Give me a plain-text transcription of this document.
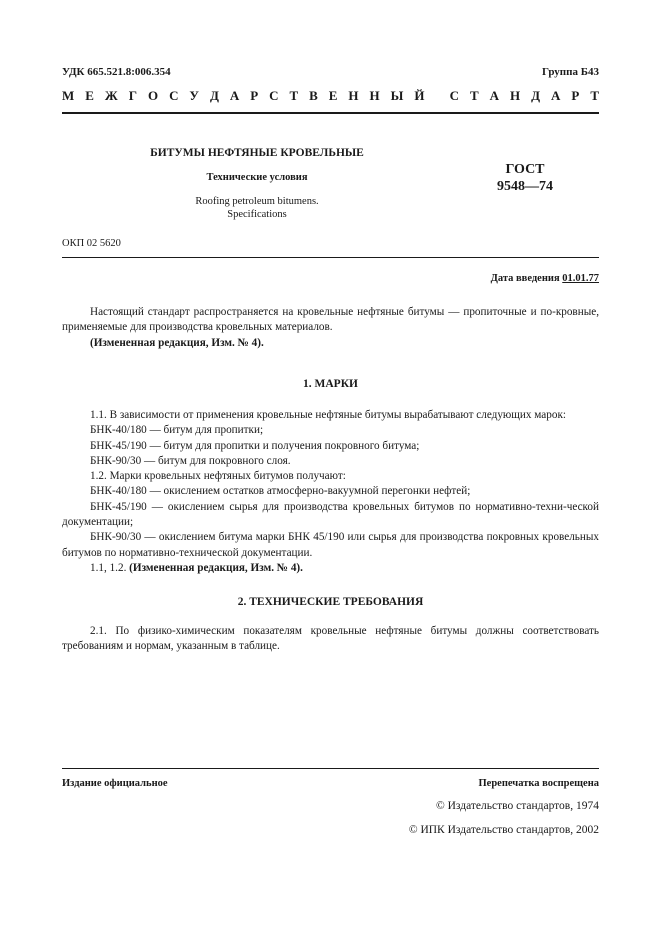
УДК 665.521.8:006.354	Группа Б43
М Е Ж Г О С У Д А Р С Т В Е Н Н Ы Й
С Т А Н Д А Р Т
БИТУМЫ НЕФТЯНЫЕ КРОВЕЛЬНЫЕ
Технические условия
Roofing petroleum bitumens.
Specifications
ГОСТ
9548—74
ОКП 02 5620
Дата введения 01.01.77

Настоящий стандарт распространяется на кровельные нефтяные битумы — пропиточные и по-кровные, применяемые для производства кровельных материалов.

(Измененная редакция, Изм. № 4).

1. МАРКИ

1.1. В зависимости от применения кровельные нефтяные битумы вырабатывают следующих марок:

БНК-40/180 — битум для пропитки;

БНК-45/190 — битум для пропитки и получения покровного битума;

БНК-90/30 — битум для покровного слоя.

1.2. Марки кровельных нефтяных битумов получают:

БНК-40/180 — окислением остатков атмосферно-вакуумной перегонки нефтей;

БНК-45/190 — окислением сырья для производства кровельных битумов по нормативно-техни-ческой документации;

БНК-90/30 — окислением битума марки БНК 45/190 или сырья для производства покровных кровельных битумов по нормативно-технической документации.

1.1, 1.2. (Измененная редакция, Изм. № 4).

2. ТЕХНИЧЕСКИЕ ТРЕБОВАНИЯ

2.1. По физико-химическим показателям кровельные нефтяные битумы должны соответствовать требованиям и нормам, указанным в таблице.

Издание официальное	Перепечатка воспрещена
© Издательство стандартов, 1974
© ИПК Издательство стандартов, 2002
